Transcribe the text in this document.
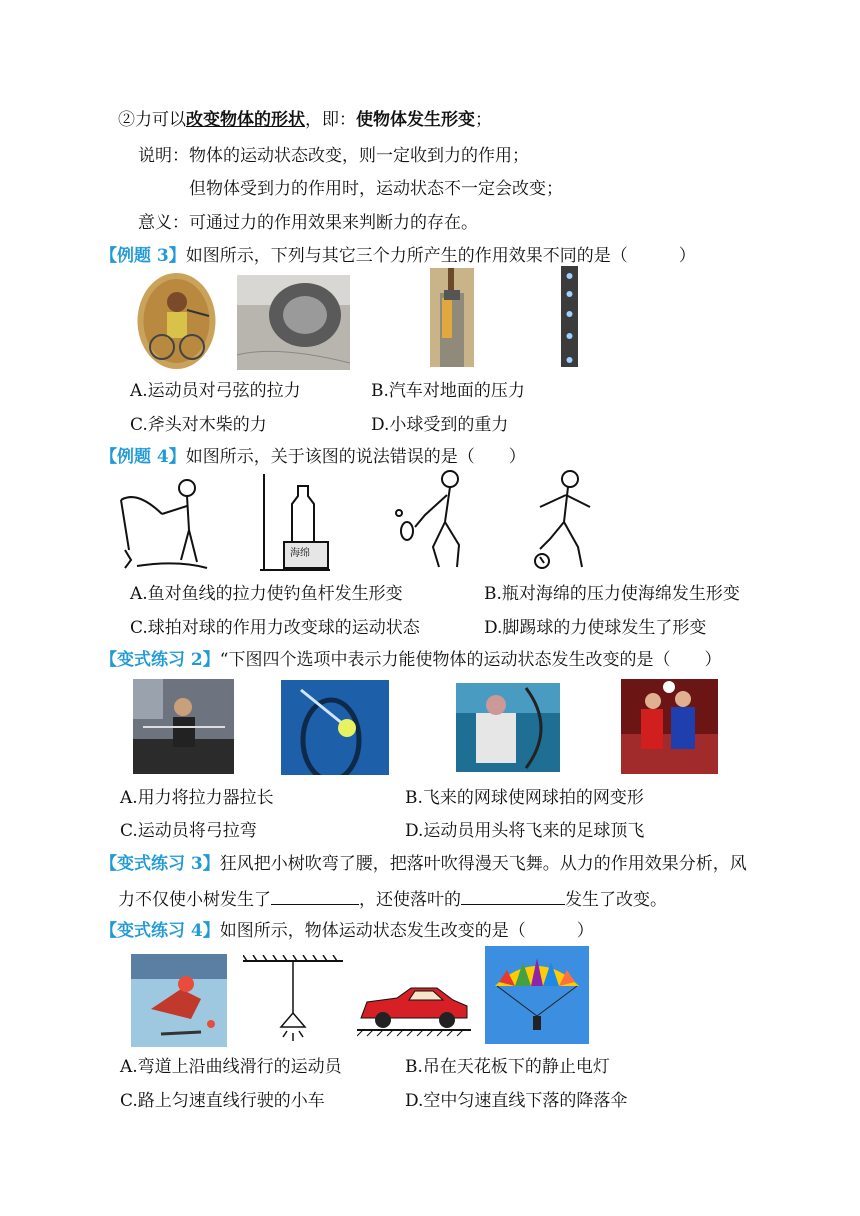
②力可以改变物体的形状，即：使物体发生形变；
说明：物体的运动状态改变，则一定收到力的作用；
但物体受到力的作用时，运动状态不一定会改变；
意义：可通过力的作用效果来判断力的存在。
【例题 3】如图所示，下列与其它三个力所产生的作用效果不同的是（　　　）
A.运动员对弓弦的拉力	B.汽车对地面的压力
C.斧头对木柴的力	D.小球受到的重力
【例题 4】如图所示，关于该图的说法错误的是（　　）
海绵
A.鱼对鱼线的拉力使钓鱼杆发生形变	B.瓶对海绵的压力使海绵发生形变
C.球拍对球的作用力改变球的运动状态	D.脚踢球的力使球发生了形变
【变式练习 2】“下图四个选项中表示力能使物体的运动状态发生改变的是（　　）
A.用力将拉力器拉长	B.飞来的网球使网球拍的网变形
C.运动员将弓拉弯	D.运动员用头将飞来的足球顶飞
【变式练习 3】狂风把小树吹弯了腰，把落叶吹得漫天飞舞。从力的作用效果分析，风
力不仅使小树发生了	，还使落叶的	发生了改变。
【变式练习 4】如图所示，物体运动状态发生改变的是（　　　）
A.弯道上沿曲线滑行的运动员	B.吊在天花板下的静止电灯
C.路上匀速直线行驶的小车	D.空中匀速直线下落的降落伞
